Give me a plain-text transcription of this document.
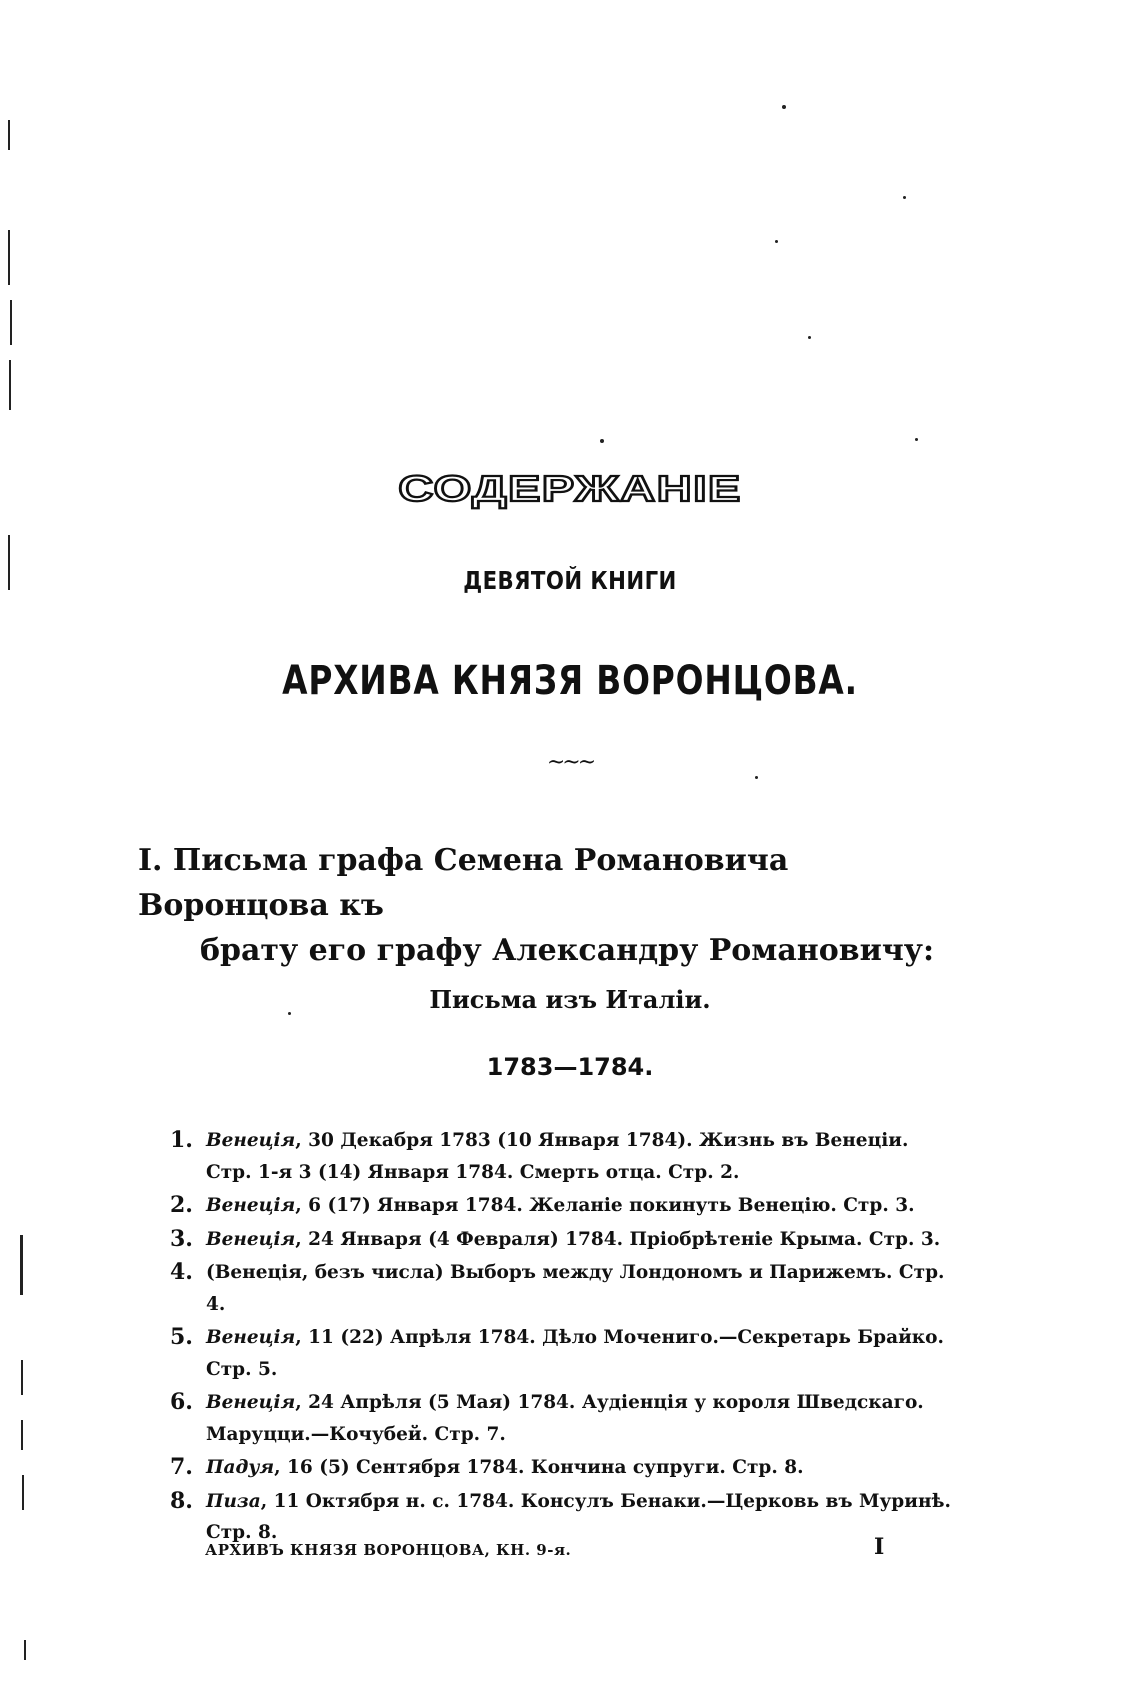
СОДЕРЖАНІЕ
ДЕВЯТОЙ КНИГИ
АРХИВА КНЯЗЯ ВОРОНЦОВА.
~~~
I. Письма графа Семена Романовича Воронцова къ
брату его графу Александру Романовичу:
Письма изъ Италіи.
1783—1784.
1. Венеція, 30 Декабря 1783 (10 Января 1784). Жизнь въ Венеціи. Стр. 1-я 3 (14) Января 1784. Смерть отца. Стр. 2.
2. Венеція, 6 (17) Января 1784. Желаніе покинуть Венецію. Стр. 3.
3. Венеція, 24 Января (4 Февраля) 1784. Пріобрѣтеніе Крыма. Стр. 3.
4. (Венеція, безъ числа) Выборъ между Лондономъ и Парижемъ. Стр. 4.
5. Венеція, 11 (22) Апрѣля 1784. Дѣло Мочениго.—Секретарь Брайко. Стр. 5.
6. Венеція, 24 Апрѣля (5 Мая) 1784. Аудіенція у короля Шведскаго. Маруцци.—Кочубей. Стр. 7.
7. Падуя, 16 (5) Сентября 1784. Кончина супруги. Стр. 8.
8. Пиза, 11 Октября н. с. 1784. Консулъ Бенаки.—Церковь въ Муринѣ. Стр. 8.
АРХИВЪ КНЯЗЯ ВОРОНЦОВА, КН. 9-я.	I
